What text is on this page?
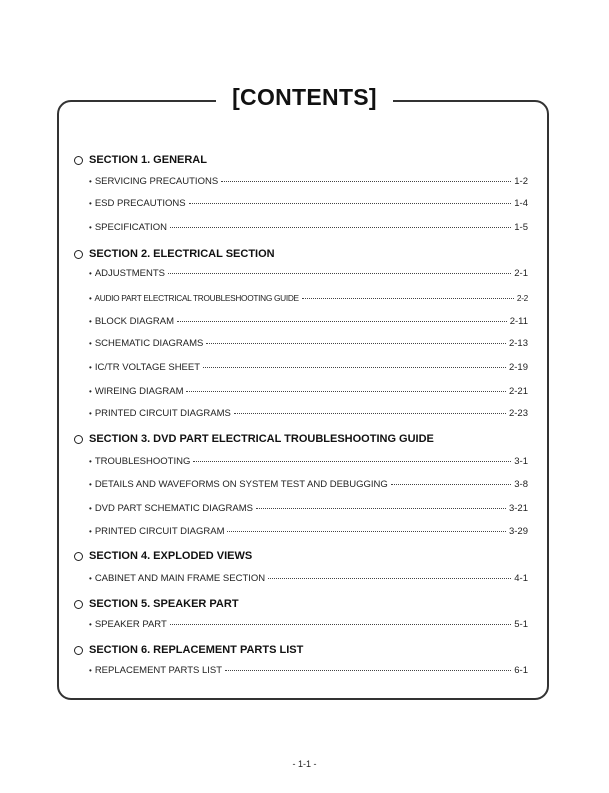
[CONTENTS]
SECTION 1. GENERAL
• SERVICING PRECAUTIONS	1-2
• ESD PRECAUTIONS	1-4
• SPECIFICATION	1-5
SECTION 2. ELECTRICAL SECTION
• ADJUSTMENTS	2-1
• AUDIO PART ELECTRICAL TROUBLESHOOTING GUIDE	2-2
• BLOCK DIAGRAM	2-11
• SCHEMATIC DIAGRAMS	2-13
• IC/TR VOLTAGE SHEET	2-19
• WIREING DIAGRAM	2-21
• PRINTED CIRCUIT DIAGRAMS	2-23
SECTION 3. DVD PART ELECTRICAL TROUBLESHOOTING GUIDE
• TROUBLESHOOTING	3-1
• DETAILS AND WAVEFORMS ON SYSTEM TEST AND DEBUGGING	3-8
• DVD PART SCHEMATIC DIAGRAMS	3-21
• PRINTED CIRCUIT DIAGRAM	3-29
SECTION 4. EXPLODED VIEWS
• CABINET AND MAIN FRAME SECTION	4-1
SECTION 5. SPEAKER PART
• SPEAKER PART	5-1
SECTION 6. REPLACEMENT PARTS LIST
• REPLACEMENT PARTS LIST	6-1
- 1-1 -
